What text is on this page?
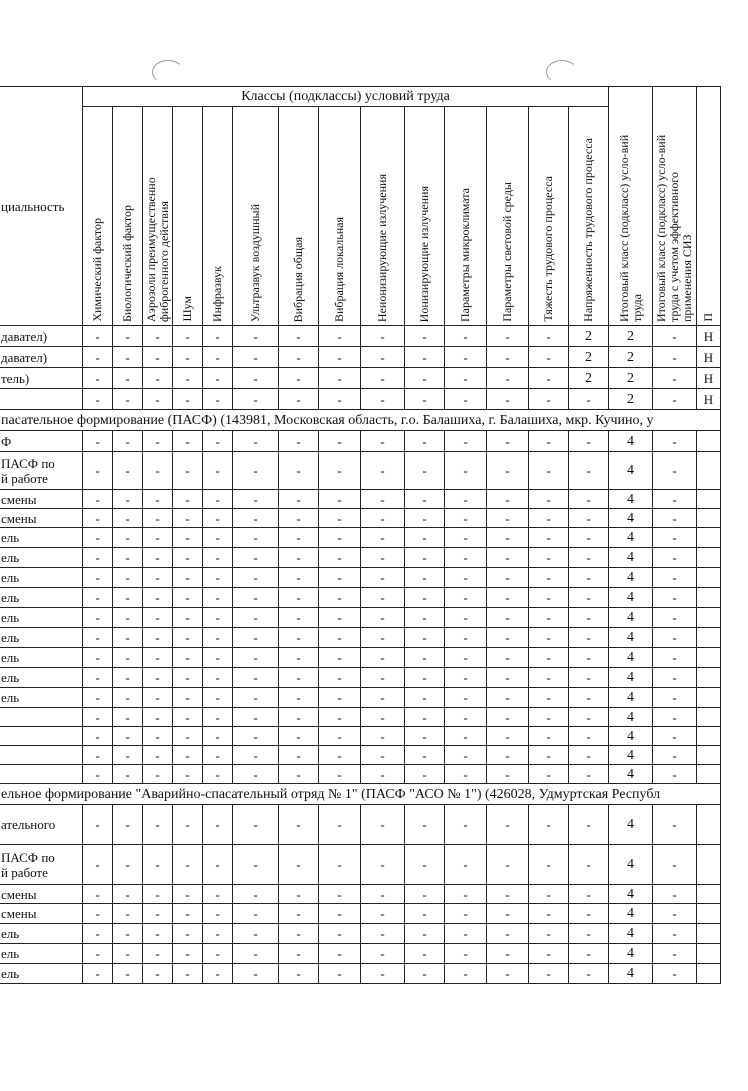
циальность	Классы (подклассы) условий труда														Итоговый класс (подкласс) усло-вий труда	Итоговый класс (подкласс) усло-вий труда с учетом эффективного применения СИЗ	П
	Химический фактор	Биологический фактор	Аэрозоли преимущественно фиброгенного действия	Шум	Инфразвук	Ультразвук воздушный	Вибрация общая	Вибрация локальная	Неионизирующие излучения	Ионизирующие излучения	Параметры микроклимата	Параметры световой среды	Тяжесть трудового процесса	Напряженность трудового процесса			
давател)	-	-	-	-	-	-	-	-	-	-	-	-	-	2	2	-	Н
давател)	-	-	-	-	-	-	-	-	-	-	-	-	-	2	2	-	Н
тель)	-	-	-	-	-	-	-	-	-	-	-	-	-	2	2	-	Н
	-	-	-	-	-	-	-	-	-	-	-	-	-	-	2	-	Н
пасательное формирование (ПАСФ) (143981, Московская область, г.о. Балашиха, г. Балашиха, мкр. Кучино, у																	
Ф	-	-	-	-	-	-	-	-	-	-	-	-	-	-	4	-	
ПАСФ по
й работе	-	-	-	-	-	-	-	-	-	-	-	-	-	-	4	-	
смены	-	-	-	-	-	-	-	-	-	-	-	-	-	-	4	-	
смены	-	-	-	-	-	-	-	-	-	-	-	-	-	-	4	-	
ель	-	-	-	-	-	-	-	-	-	-	-	-	-	-	4	-	
ель	-	-	-	-	-	-	-	-	-	-	-	-	-	-	4	-	
ель	-	-	-	-	-	-	-	-	-	-	-	-	-	-	4	-	
ель	-	-	-	-	-	-	-	-	-	-	-	-	-	-	4	-	
ель	-	-	-	-	-	-	-	-	-	-	-	-	-	-	4	-	
ель	-	-	-	-	-	-	-	-	-	-	-	-	-	-	4	-	
ель	-	-	-	-	-	-	-	-	-	-	-	-	-	-	4	-	
ель	-	-	-	-	-	-	-	-	-	-	-	-	-	-	4	-	
ель	-	-	-	-	-	-	-	-	-	-	-	-	-	-	4	-	
	-	-	-	-	-	-	-	-	-	-	-	-	-	-	4	-	
	-	-	-	-	-	-	-	-	-	-	-	-	-	-	4	-	
	-	-	-	-	-	-	-	-	-	-	-	-	-	-	4	-	
	-	-	-	-	-	-	-	-	-	-	-	-	-	-	4	-	
ельное формирование "Аварийно-спасательный отряд № 1" (ПАСФ "АСО № 1") (426028, Удмуртская Республ																	
ательного	-	-	-	-	-	-	-	-	-	-	-	-	-	-	4	-	
ПАСФ по
й работе	-	-	-	-	-	-	-	-	-	-	-	-	-	-	4	-	
смены	-	-	-	-	-	-	-	-	-	-	-	-	-	-	4	-	
смены	-	-	-	-	-	-	-	-	-	-	-	-	-	-	4	-	
ель	-	-	-	-	-	-	-	-	-	-	-	-	-	-	4	-	
ель	-	-	-	-	-	-	-	-	-	-	-	-	-	-	4	-	
ель	-	-	-	-	-	-	-	-	-	-	-	-	-	-	4	-	
